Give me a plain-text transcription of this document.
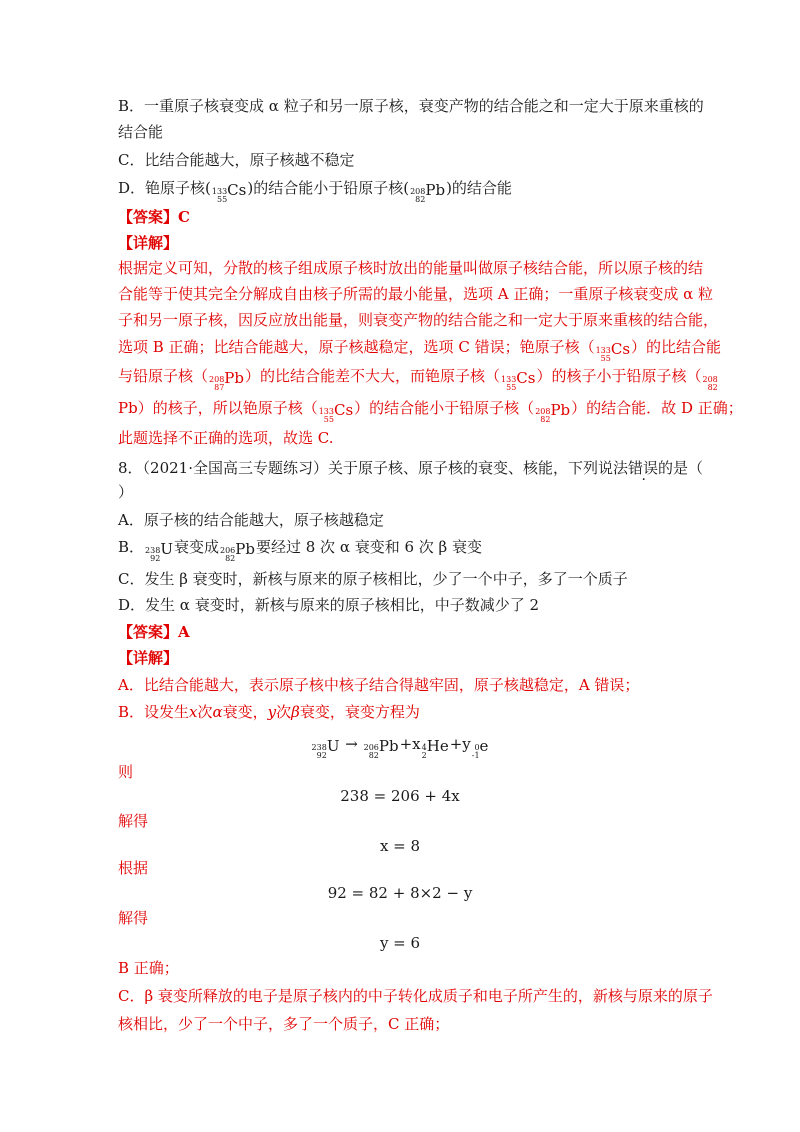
B．一重原子核衰变成 α 粒子和另一原子核，衰变产物的结合能之和一定大于原来重核的
结合能
C．比结合能越大，原子核越不稳定
D．铯原子核( 133
55
Cs)的结合能小于铅原子核( 208
82
Pb)的结合能
【答案】C
【详解】
根据定义可知，分散的核子组成原子核时放出的能量叫做原子核结合能，所以原子核的结
合能等于使其完全分解成自由核子所需的最小能量，选项 A 正确；一重原子核衰变成 α 粒
子和另一原子核，因反应放出能量，则衰变产物的结合能之和一定大于原来重核的结合能，
选项 B 正确；比结合能越大，原子核越稳定，选项 C 错误；铯原子核（ 133
55
Cs）的比结合能
与铅原子核（ 208
87
Pb）的比结合能差不大大，而铯原子核（ 133
55
Cs）的核子小于铅原子核（ 208
82
Pb）的核子，所以铯原子核（ 133
55
Cs）的结合能小于铅原子核（ 208
82
Pb）的结合能．故 D 正确；
此题选择不正确的选项，故选 C.
8．（2021·全国高三专题练习）关于原子核、原子核的衰变、核能，下列说法错误的是（
）
A．原子核的结合能越大，原子核越稳定
B． 238
92
U衰变成 206
82
Pb要经过 8 次 α 衰变和 6 次 β 衰变
C．发生 β 衰变时，新核与原来的原子核相比，少了一个中子，多了一个质子
D．发生 α 衰变时，新核与原来的原子核相比，中子数减少了 2
【答案】A
【详解】
A．比结合能越大，表示原子核中核子结合得越牢固，原子核越稳定，A 错误；
B．设发生x次α衰变，y次β衰变，衰变方程为
238
92
U → 206
82
Pb+x 4
2
He+y 0
-1
e
则
238 = 206 + 4x
解得
x = 8
根据
92 = 82 + 8×2 − y
解得
y = 6
B 正确；
C．β 衰变所释放的电子是原子核内的中子转化成质子和电子所产生的，新核与原来的原子
核相比，少了一个中子，多了一个质子，C 正确；
